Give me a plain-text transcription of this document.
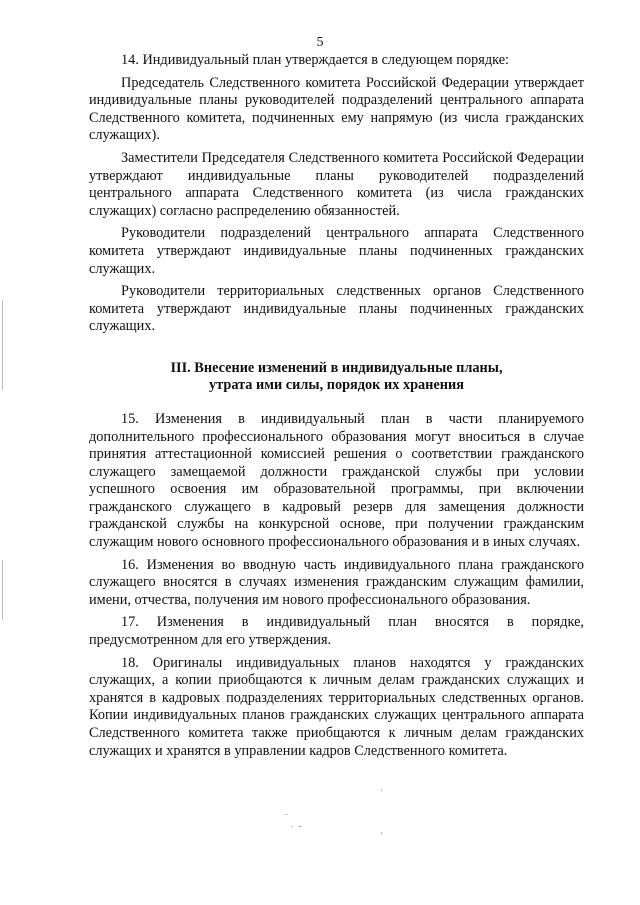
5

14. Индивидуальный план утверждается в следующем порядке:

Председатель Следственного комитета Российской Федерации утверждает индивидуальные планы руководителей подразделений центрального аппарата Следственного комитета, подчиненных ему напрямую (из числа гражданских служащих).

Заместители Председателя Следственного комитета Российской Федерации утверждают индивидуальные планы руководителей подразделений центрального аппарата Следственного комитета (из числа гражданских служащих) согласно распределению обязанностей.

Руководители подразделений центрального аппарата Следственного комитета утверждают индивидуальные планы подчиненных гражданских служащих.

Руководители территориальных следственных органов Следственного комитета утверждают индивидуальные планы подчиненных гражданских служащих.

III. Внесение изменений в индивидуальные планы,
утрата ими силы, порядок их хранения

15. Изменения в индивидуальный план в части планируемого дополнительного профессионального образования могут вноситься в случае принятия аттестационной комиссией решения о соответствии гражданского служащего замещаемой должности гражданской службы при условии успешного освоения им образовательной программы, при включении гражданского служащего в кадровый резерв для замещения должности гражданской службы на конкурсной основе, при получении гражданским служащим нового основного профессионального образования и в иных случаях.

16. Изменения во вводную часть индивидуального плана гражданского служащего вносятся в случаях изменения гражданским служащим фамилии, имени, отчества, получения им нового профессионального образования.

17. Изменения в индивидуальный план вносятся в порядке, предусмотренном для его утверждения.

18. Оригиналы индивидуальных планов находятся у гражданских служащих, а копии приобщаются к личным делам гражданских служащих и хранятся в кадровых подразделениях территориальных следственных органов. Копии индивидуальных планов гражданских служащих центрального аппарата Следственного комитета также приобщаются к личным делам гражданских служащих и хранятся в управлении кадров Следственного комитета.

·
⁻
˙ ˘	ˌ
